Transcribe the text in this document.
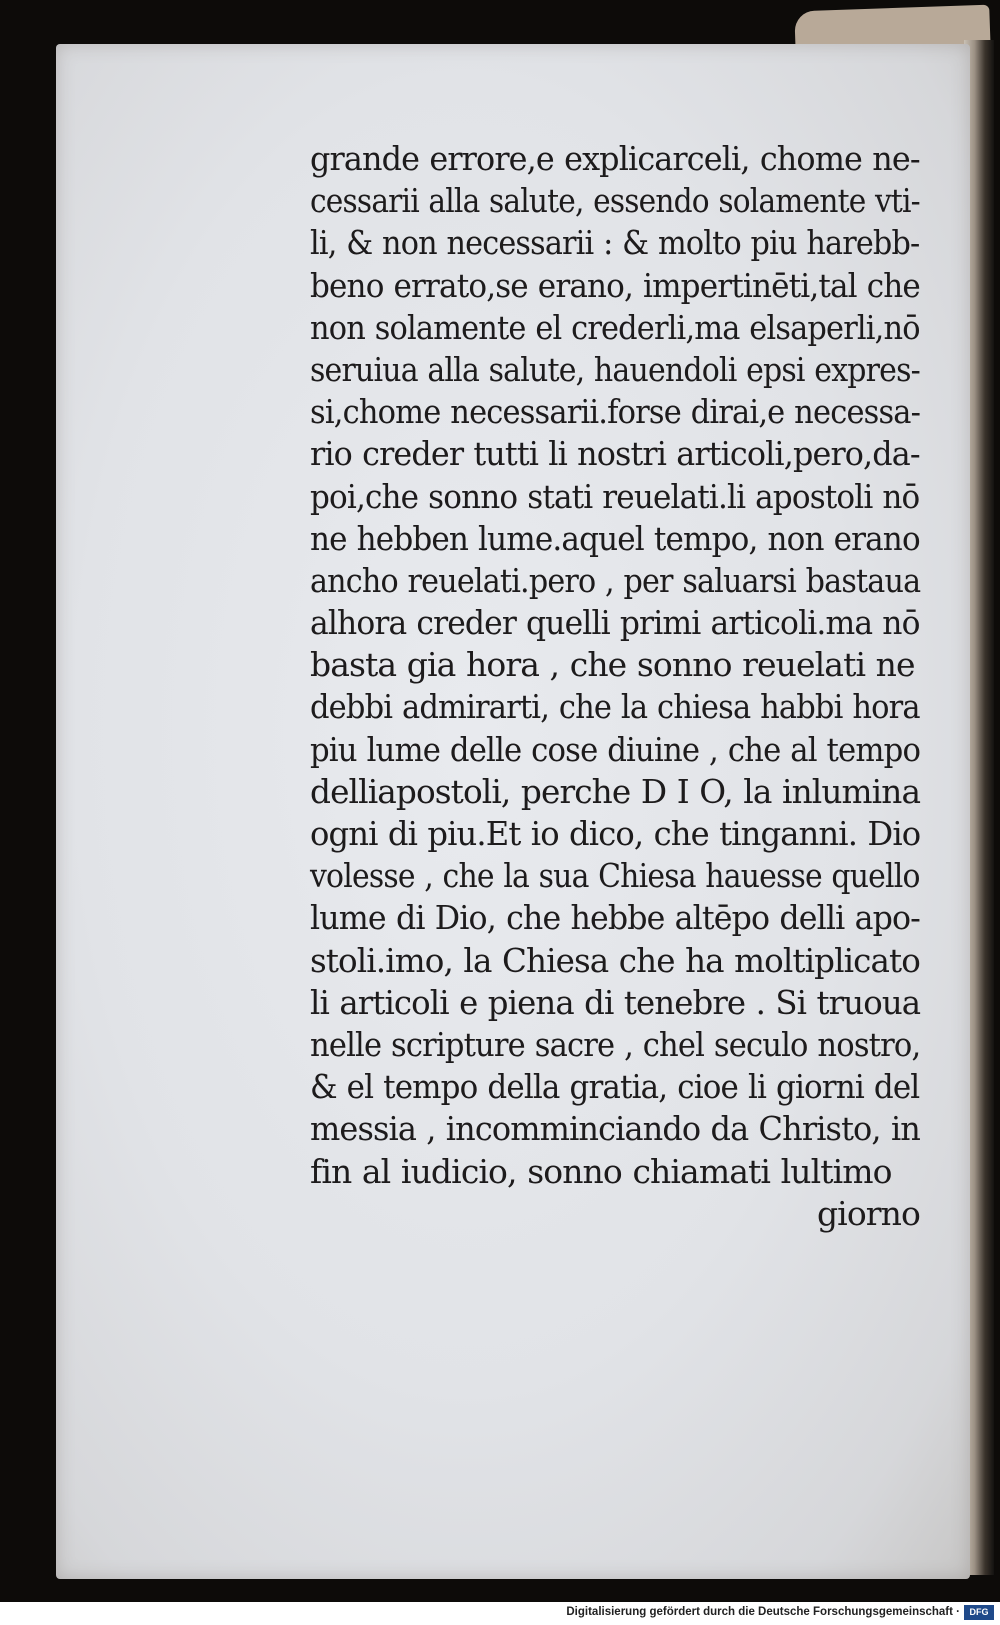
grande errore,e explicarceli, chome ne-
cessarii alla salute, essendo solamente vti-
li, & non necessarii : & molto piu harebb-
beno errato,se erano, impertinēti,tal che
non solamente el crederli,ma elsaperli,nō
seruiua alla salute, hauendoli epsi expres-
si,chome necessarii.forse dirai,e necessa-
rio creder tutti li nostri articoli,pero,da-
poi,che sonno stati reuelati.li apostoli nō
ne hebben lume.aquel tempo, non erano
ancho reuelati.pero , per saluarsi bastaua
alhora creder quelli primi articoli.ma nō
basta gia hora , che sonno reuelati ne
debbi admirarti, che la chiesa habbi hora
piu lume delle cose diuine , che al tempo
delliapostoli, perche D I O, la inlumina
ogni di piu.Et io dico, che tinganni. Dio
volesse , che la sua Chiesa hauesse quello
lume di Dio, che hebbe altēpo delli apo-
stoli.imo, la Chiesa che ha moltiplicato
li articoli e piena di tenebre . Si truoua
nelle scripture sacre , chel seculo nostro,
& el tempo della gratia, cioe li giorni del
messia , incomminciando da Christo, in
fin al iudicio, sonno chiamati lultimo
giorno
Digitalisierung gefördert durch die Deutsche Forschungsgemeinschaft ·	DFG
